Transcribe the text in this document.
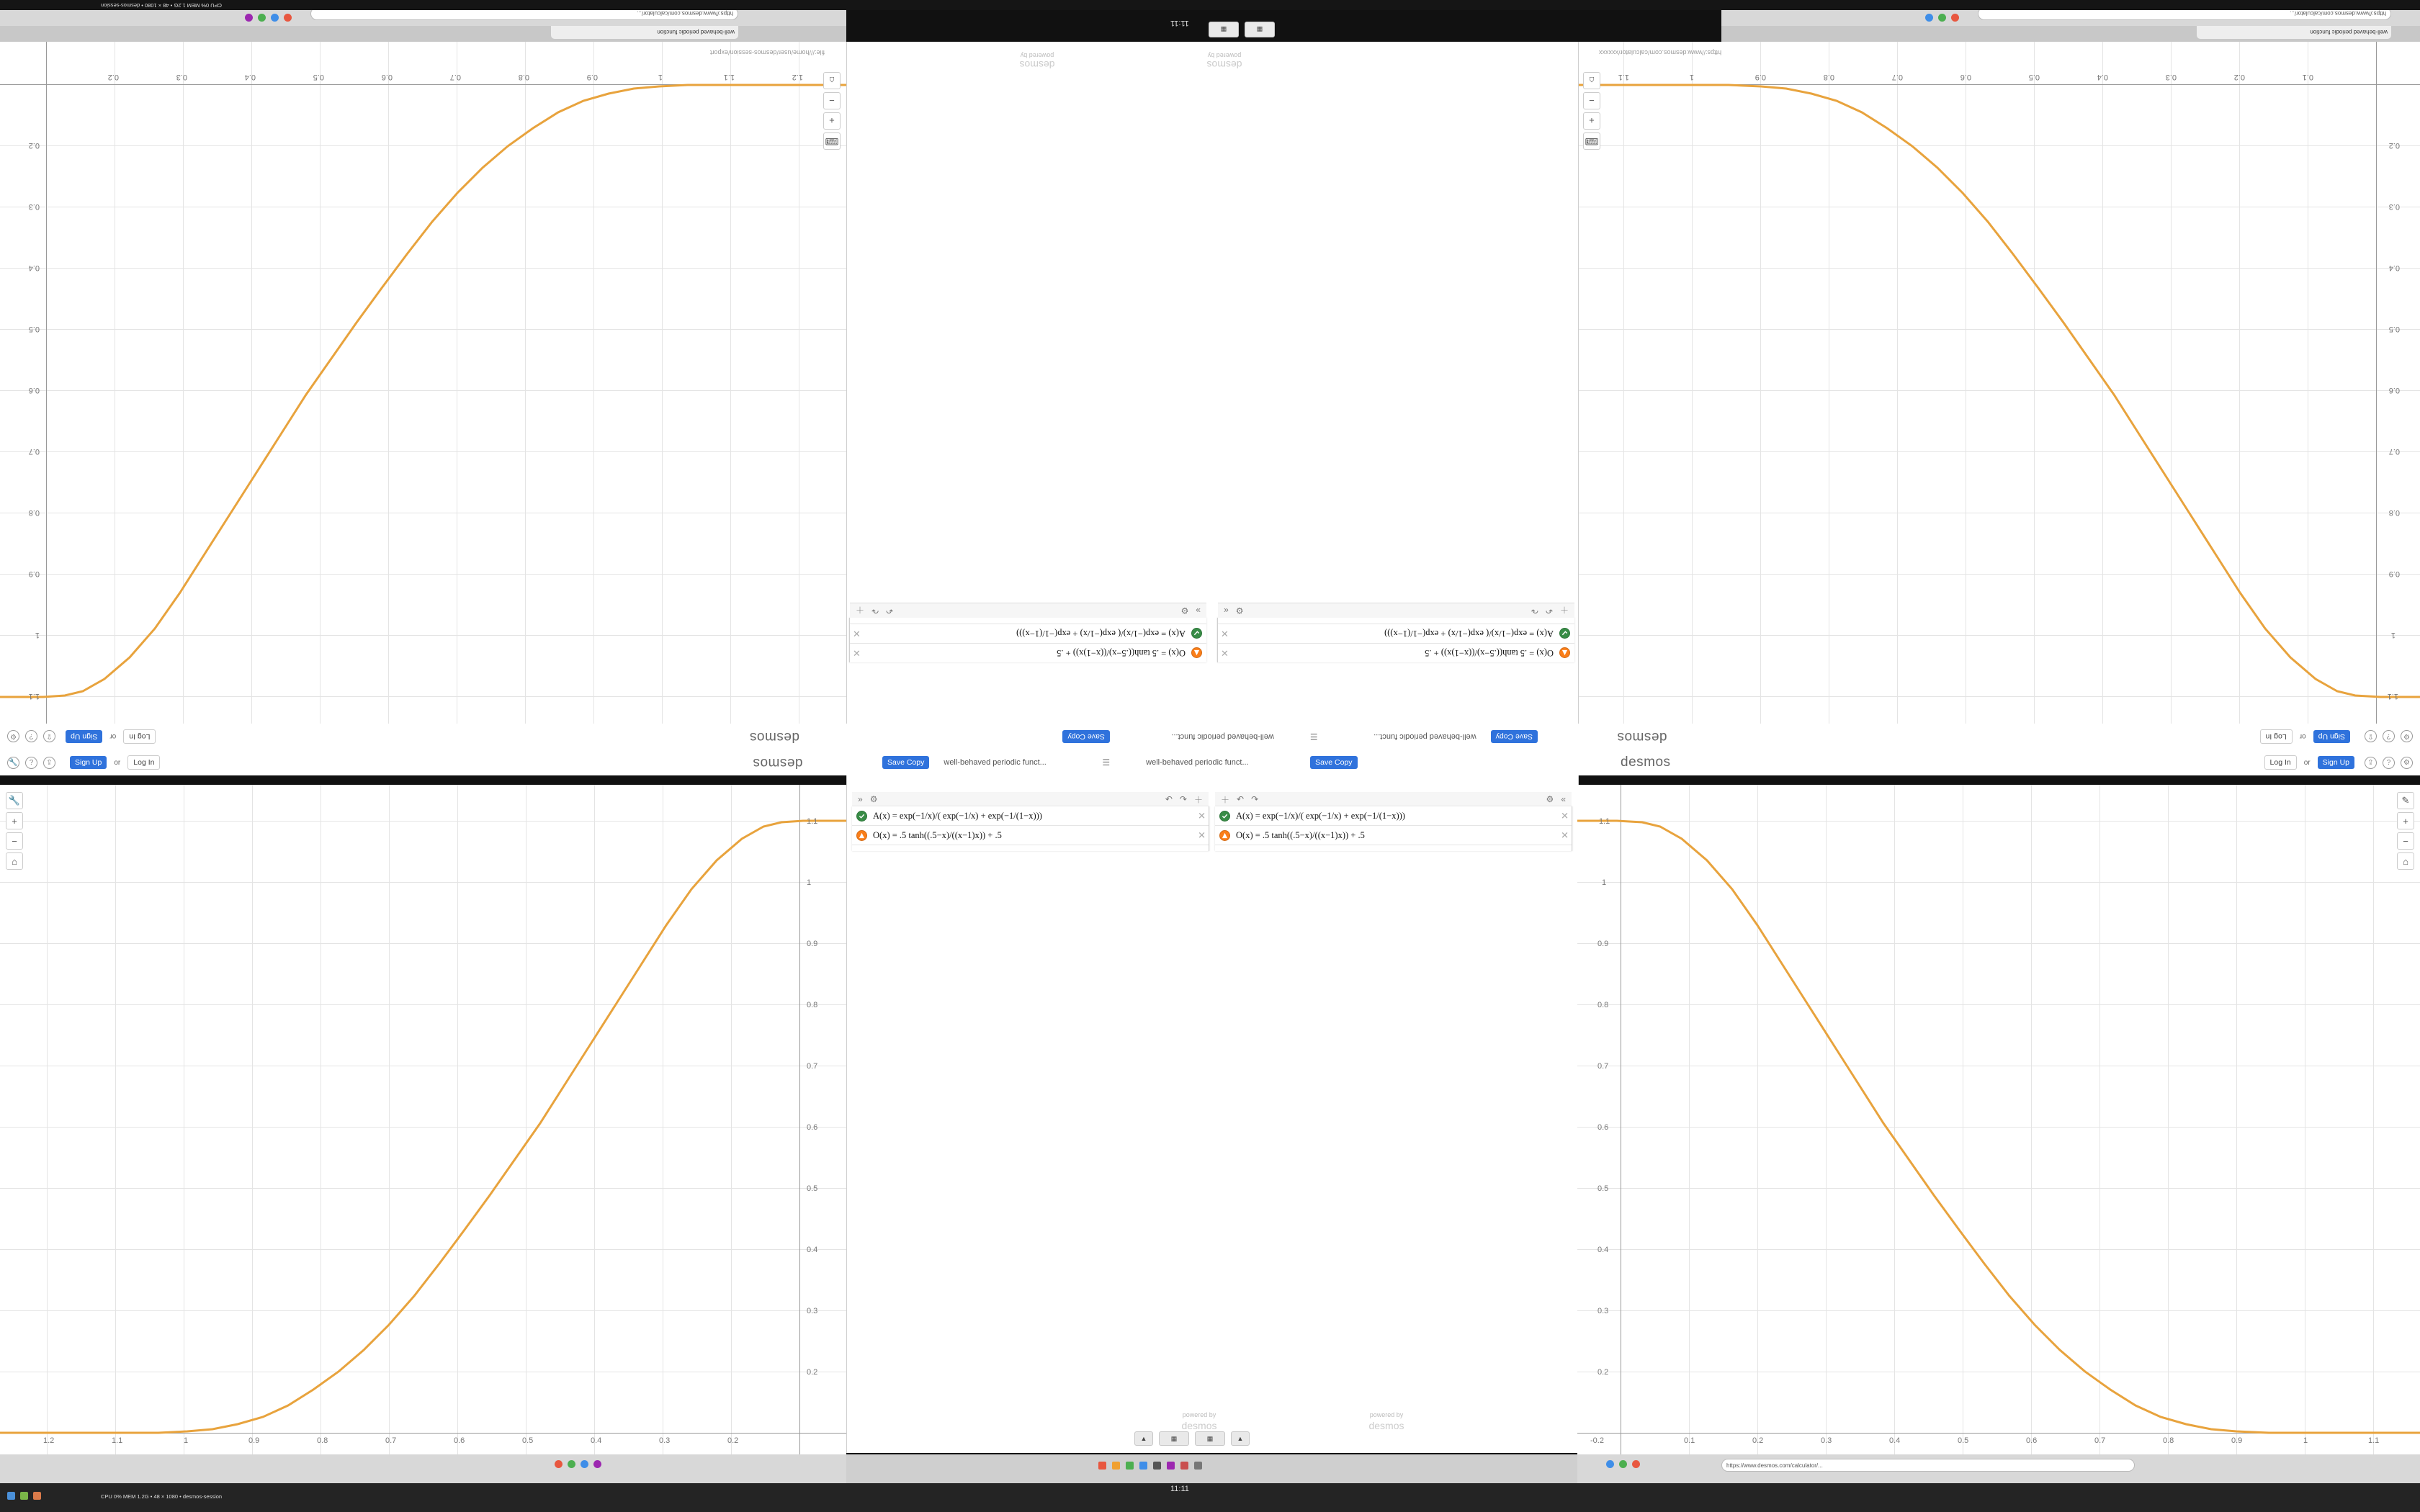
well-behaved periodic function
https://www.desmos.com/calculator/...
well-behaved periodic function
https://www.desmos.com/calculator/...
CPU 0% MEM 1.2G • 48 × 1080 • desmos-session
1.2
1.1
1
0.9
0.8
0.7
0.6
0.5
0.4
0.3
0.2
1.1
1
0.9
0.8
0.7
0.6
0.5
0.4
0.3
0.2	⌨
+
−
⌂
file:///home/user/desmos-session/export
1.1
1
0.9
0.8
0.7
0.6
0.5
0.4
0.3
0.2
0.1
0.2
0.3
0.4
0.5
0.6
0.7
0.8
0.9
1
1.1
⌨
+
−
⌂
https://www.desmos.com/calculator/xxxxxx
▦
▦
powered by
desmos
powered by
desmos
O(x) = .5 tanh((.5−x)/((x−1)x)) + .5
✕
A(x) = exp(−1/x)/( exp(−1/x) + exp(−1/(1−x)))
✕
»
⚙
↶
↷
＋
O(x) = .5 tanh((.5−x)/((x−1)x)) + .5
✕
A(x) = exp(−1/x)/( exp(−1/x) + exp(−1/(1−x)))
✕
＋
↶
↷
⚙
«
⚙
?
⇪
Sign Up
or
Log In
desmos
Save Copy
well-behaved periodic funct...
☰
well-behaved periodic funct...
Save Copy
desmos
Log In
or
Sign Up
⇪
?
⚙
🔧	?	⇪	Sign Up	or	Log In	desmos	Save Copy	well-behaved periodic funct...	☰	well-behaved periodic funct...	Save Copy	desmos	Log In	or	Sign Up	⇪	?	⚙
» ⚙	↶ ↷ ＋
A(x) = exp(−1/x)/( exp(−1/x) + exp(−1/(1−x)))	✕
O(x) = .5 tanh((.5−x)/((x−1)x)) + .5	✕
＋ ↶ ↷	⚙ «
A(x) = exp(−1/x)/( exp(−1/x) + exp(−1/(1−x)))	✕
O(x) = .5 tanh((.5−x)/((x−1)x)) + .5	✕
1.2	1.1	1	0.9	0.8	0.7	0.6	0.5	0.4	0.3	0.2
1.1
1
0.9
0.8
0.7
0.6
0.5
0.4
0.3
0.2
🔧
+
−
⌂
1.1
1
0.9
0.8
0.7
0.6
0.5
0.4
0.3
0.2
0.1	0.2	0.3	0.4	0.5	0.6	0.7	0.8	0.9	1	1.1
-0.2
✎
+
−
⌂
powered by
desmos
powered by
desmos
▲	▦	▦	▲
https://www.desmos.com/calculator/...
CPU 0% MEM 1.2G • 48 × 1080 • desmos-session
11:11
11:11
